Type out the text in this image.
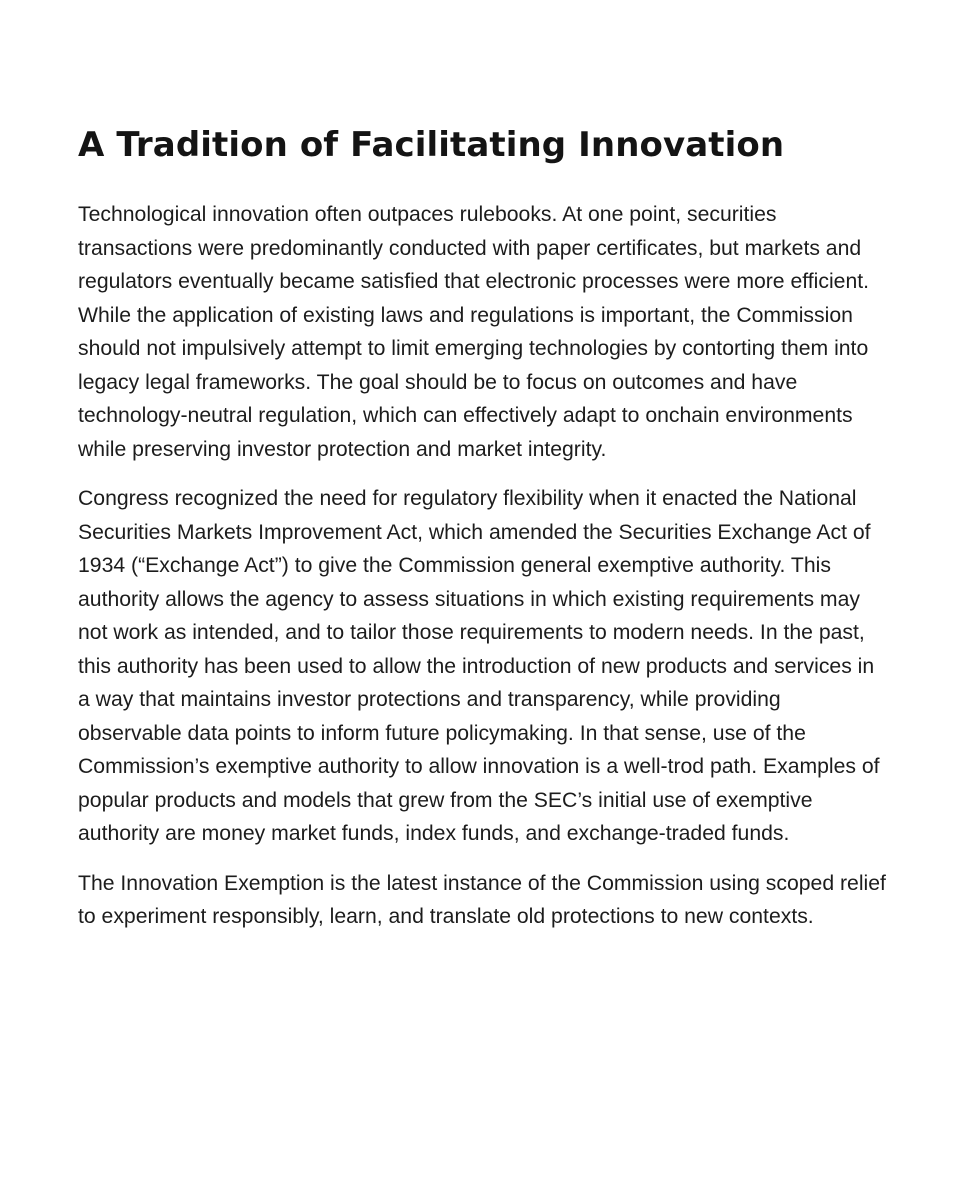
A Tradition of Facilitating Innovation

Technological innovation often outpaces rulebooks. At one point, securities transactions were predominantly conducted with paper certificates, but markets and regulators eventually became satisfied that electronic processes were more efficient. While the application of existing laws and regulations is important, the Commission should not impulsively attempt to limit emerging technologies by contorting them into legacy legal frameworks. The goal should be to focus on outcomes and have technology-neutral regulation, which can effectively adapt to onchain environments while preserving investor protection and market integrity.

Congress recognized the need for regulatory flexibility when it enacted the National Securities Markets Improvement Act, which amended the Securities Exchange Act of 1934 (“Exchange Act”) to give the Commission general exemptive authority. This authority allows the agency to assess situations in which existing requirements may not work as intended, and to tailor those requirements to modern needs. In the past, this authority has been used to allow the introduction of new products and services in a way that maintains investor protections and transparency, while providing observable data points to inform future policymaking. In that sense, use of the Commission’s exemptive authority to allow innovation is a well-trod path. Examples of popular products and models that grew from the SEC’s initial use of exemptive authority are money market funds, index funds, and exchange-traded funds.

The Innovation Exemption is the latest instance of the Commission using scoped relief to experiment responsibly, learn, and translate old protections to new contexts.
